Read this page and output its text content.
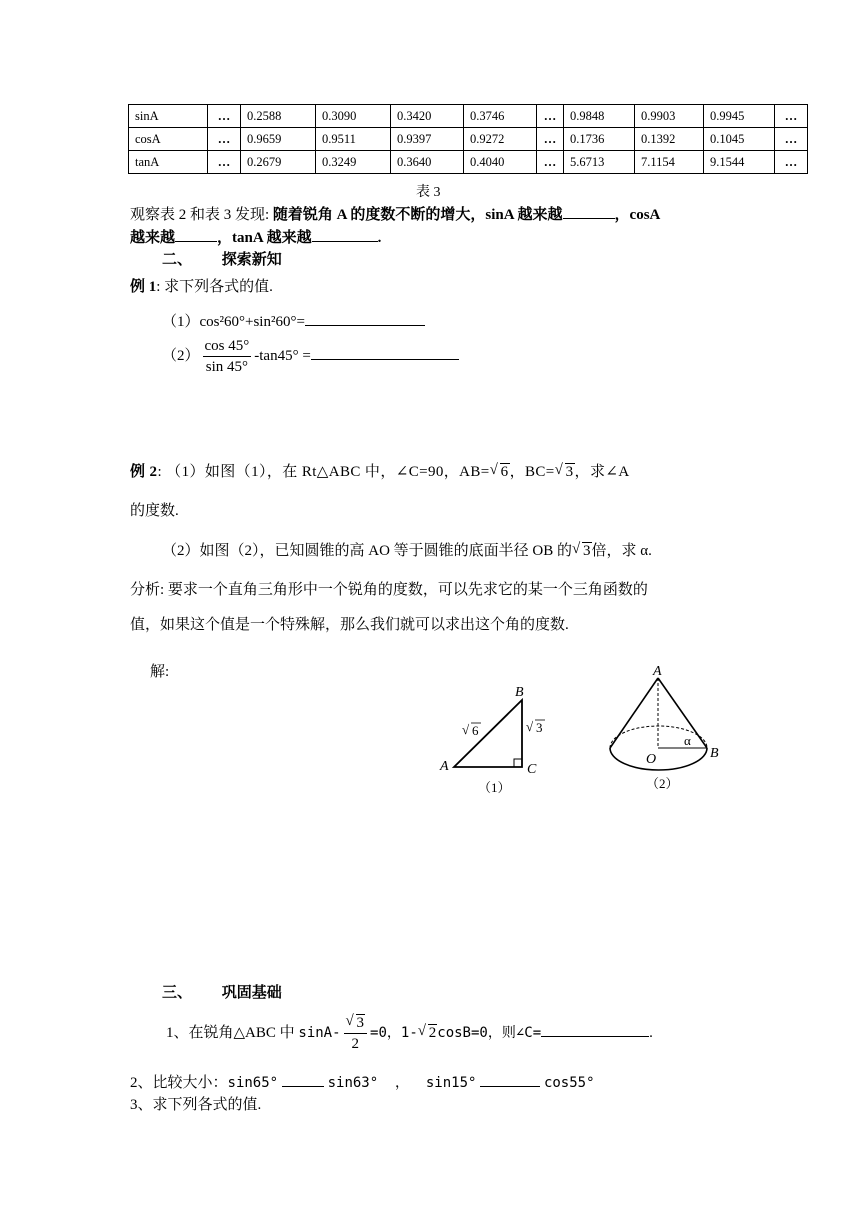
sinA	…	0.2588	0.3090	0.3420	0.3746	…	0.9848	0.9903	0.9945	…
cosA	…	0.9659	0.9511	0.9397	0.9272	…	0.1736	0.1392	0.1045	…
tanA	…	0.2679	0.3249	0.3640	0.4040	…	5.6713	7.1154	9.1544	…
表 3
观察表 2 和表 3 发现: 随着锐角 A 的度数不断的增大，sinA 越来越	，cosA
越来越	，tanA 越来越	.
二、 探索新知
例 1: 求下列各式的值.
（1）cos²60°+sin²60°=
$(2) \frac{\cos 45^\circ}{\sin 45^\circ} -\tan 45^\circ$ =
例 2: （1）如图（1），在 Rt△ABC 中，∠C=90，AB= √ 6，BC= √ 3，求∠A
的度数.
（2）如图（2），已知圆锥的高 AO 等于圆锥的底面半径 OB 的 √ 3倍，求 α.
分析: 要求一个直角三角形中一个锐角的度数，可以先求它的某一个三角函数的
值，如果这个值是一个特殊解，那么我们就可以求出这个角的度数.
解:
A
B
C
√ 6	√ 3
（1）
A
O	B
α
（2）
三、 巩固基础
1、在锐角△ABC 中 $\sin A- \frac{√ 3}{2} =0$，1- √ 2cosB=0，则∠C=	.
2、比较大小：sin65°	sin63°  ，  sin15°	cos55°
3、求下列各式的值.
